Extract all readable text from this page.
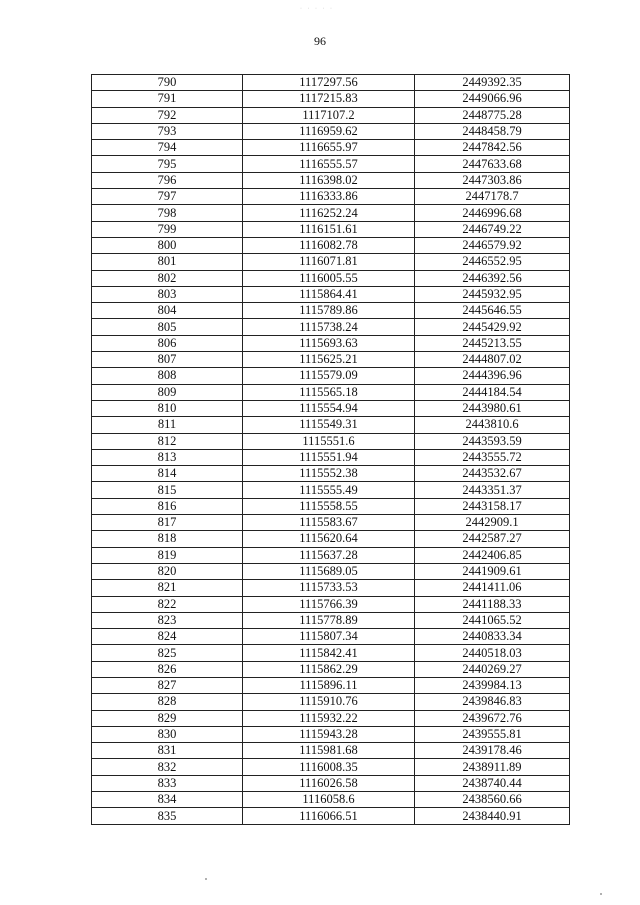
· · · · ·
96
790	1117297.56	2449392.35
791	1117215.83	2449066.96
792	1117107.2	2448775.28
793	1116959.62	2448458.79
794	1116655.97	2447842.56
795	1116555.57	2447633.68
796	1116398.02	2447303.86
797	1116333.86	2447178.7
798	1116252.24	2446996.68
799	1116151.61	2446749.22
800	1116082.78	2446579.92
801	1116071.81	2446552.95
802	1116005.55	2446392.56
803	1115864.41	2445932.95
804	1115789.86	2445646.55
805	1115738.24	2445429.92
806	1115693.63	2445213.55
807	1115625.21	2444807.02
808	1115579.09	2444396.96
809	1115565.18	2444184.54
810	1115554.94	2443980.61
811	1115549.31	2443810.6
812	1115551.6	2443593.59
813	1115551.94	2443555.72
814	1115552.38	2443532.67
815	1115555.49	2443351.37
816	1115558.55	2443158.17
817	1115583.67	2442909.1
818	1115620.64	2442587.27
819	1115637.28	2442406.85
820	1115689.05	2441909.61
821	1115733.53	2441411.06
822	1115766.39	2441188.33
823	1115778.89	2441065.52
824	1115807.34	2440833.34
825	1115842.41	2440518.03
826	1115862.29	2440269.27
827	1115896.11	2439984.13
828	1115910.76	2439846.83
829	1115932.22	2439672.76
830	1115943.28	2439555.81
831	1115981.68	2439178.46
832	1116008.35	2438911.89
833	1116026.58	2438740.44
834	1116058.6	2438560.66
835	1116066.51	2438440.91
